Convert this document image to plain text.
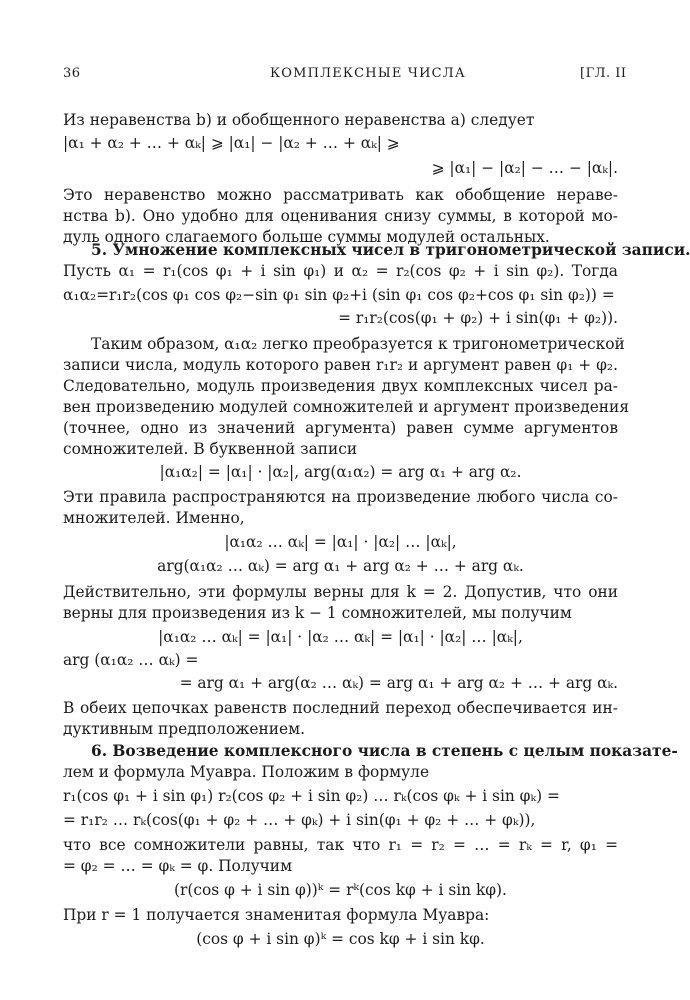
36	КОМПЛЕКСНЫЕ ЧИСЛА	[ГЛ. II
Из неравенства b) и обобщенного неравенства а) следует
|α₁ + α₂ + … + αₖ| ⩾ |α₁| − |α₂ + … + αₖ| ⩾
⩾ |α₁| − |α₂| − … − |αₖ|.
Это неравенство можно рассматривать как обобщение нераве-
нства b). Оно удобно для оценивания снизу суммы, в которой мо-
дуль одного слагаемого больше суммы модулей остальных.
5. Умножение комплексных чисел в тригонометрической записи.
Пусть α₁ = r₁(cos φ₁ + i sin φ₁) и α₂ = r₂(cos φ₂ + i sin φ₂). Тогда
α₁α₂=r₁r₂(cos φ₁ cos φ₂−sin φ₁ sin φ₂+i (sin φ₁ cos φ₂+cos φ₁ sin φ₂)) =
= r₁r₂(cos(φ₁ + φ₂) + i sin(φ₁ + φ₂)).
Таким образом, α₁α₂ легко преобразуется к тригонометрической
записи числа, модуль которого равен r₁r₂ и аргумент равен φ₁ + φ₂.
Следовательно, модуль произведения двух комплексных чисел ра-
вен произведению модулей сомножителей и аргумент произведения
(точнее, одно из значений аргумента) равен сумме аргументов
сомножителей. В буквенной записи
|α₁α₂| = |α₁| · |α₂|, arg(α₁α₂) = arg α₁ + arg α₂.
Эти правила распространяются на произведение любого числа со-
множителей. Именно,
|α₁α₂ … αₖ| = |α₁| · |α₂| … |αₖ|,
arg(α₁α₂ … αₖ) = arg α₁ + arg α₂ + … + arg αₖ.
Действительно, эти формулы верны для k = 2. Допустив, что они
верны для произведения из k − 1 сомножителей, мы получим
|α₁α₂ … αₖ| = |α₁| · |α₂ … αₖ| = |α₁| · |α₂| … |αₖ|,
arg (α₁α₂ … αₖ) =
= arg α₁ + arg(α₂ … αₖ) = arg α₁ + arg α₂ + … + arg αₖ.
В обеих цепочках равенств последний переход обеспечивается ин-
дуктивным предположением.
6. Возведение комплексного числа в степень с целым показате-
лем и формула Муавра. Положим в формуле
r₁(cos φ₁ + i sin φ₁) r₂(cos φ₂ + i sin φ₂) … rₖ(cos φₖ + i sin φₖ) =
= r₁r₂ … rₖ(cos(φ₁ + φ₂ + … + φₖ) + i sin(φ₁ + φ₂ + … + φₖ)),
что все сомножители равны, так что r₁ = r₂ = … = rₖ = r, φ₁ =
= φ₂ = … = φₖ = φ. Получим
(r(cos φ + i sin φ))ᵏ = rᵏ(cos kφ + i sin kφ).
При r = 1 получается знаменитая формула Муавра:
(cos φ + i sin φ)ᵏ = cos kφ + i sin kφ.
